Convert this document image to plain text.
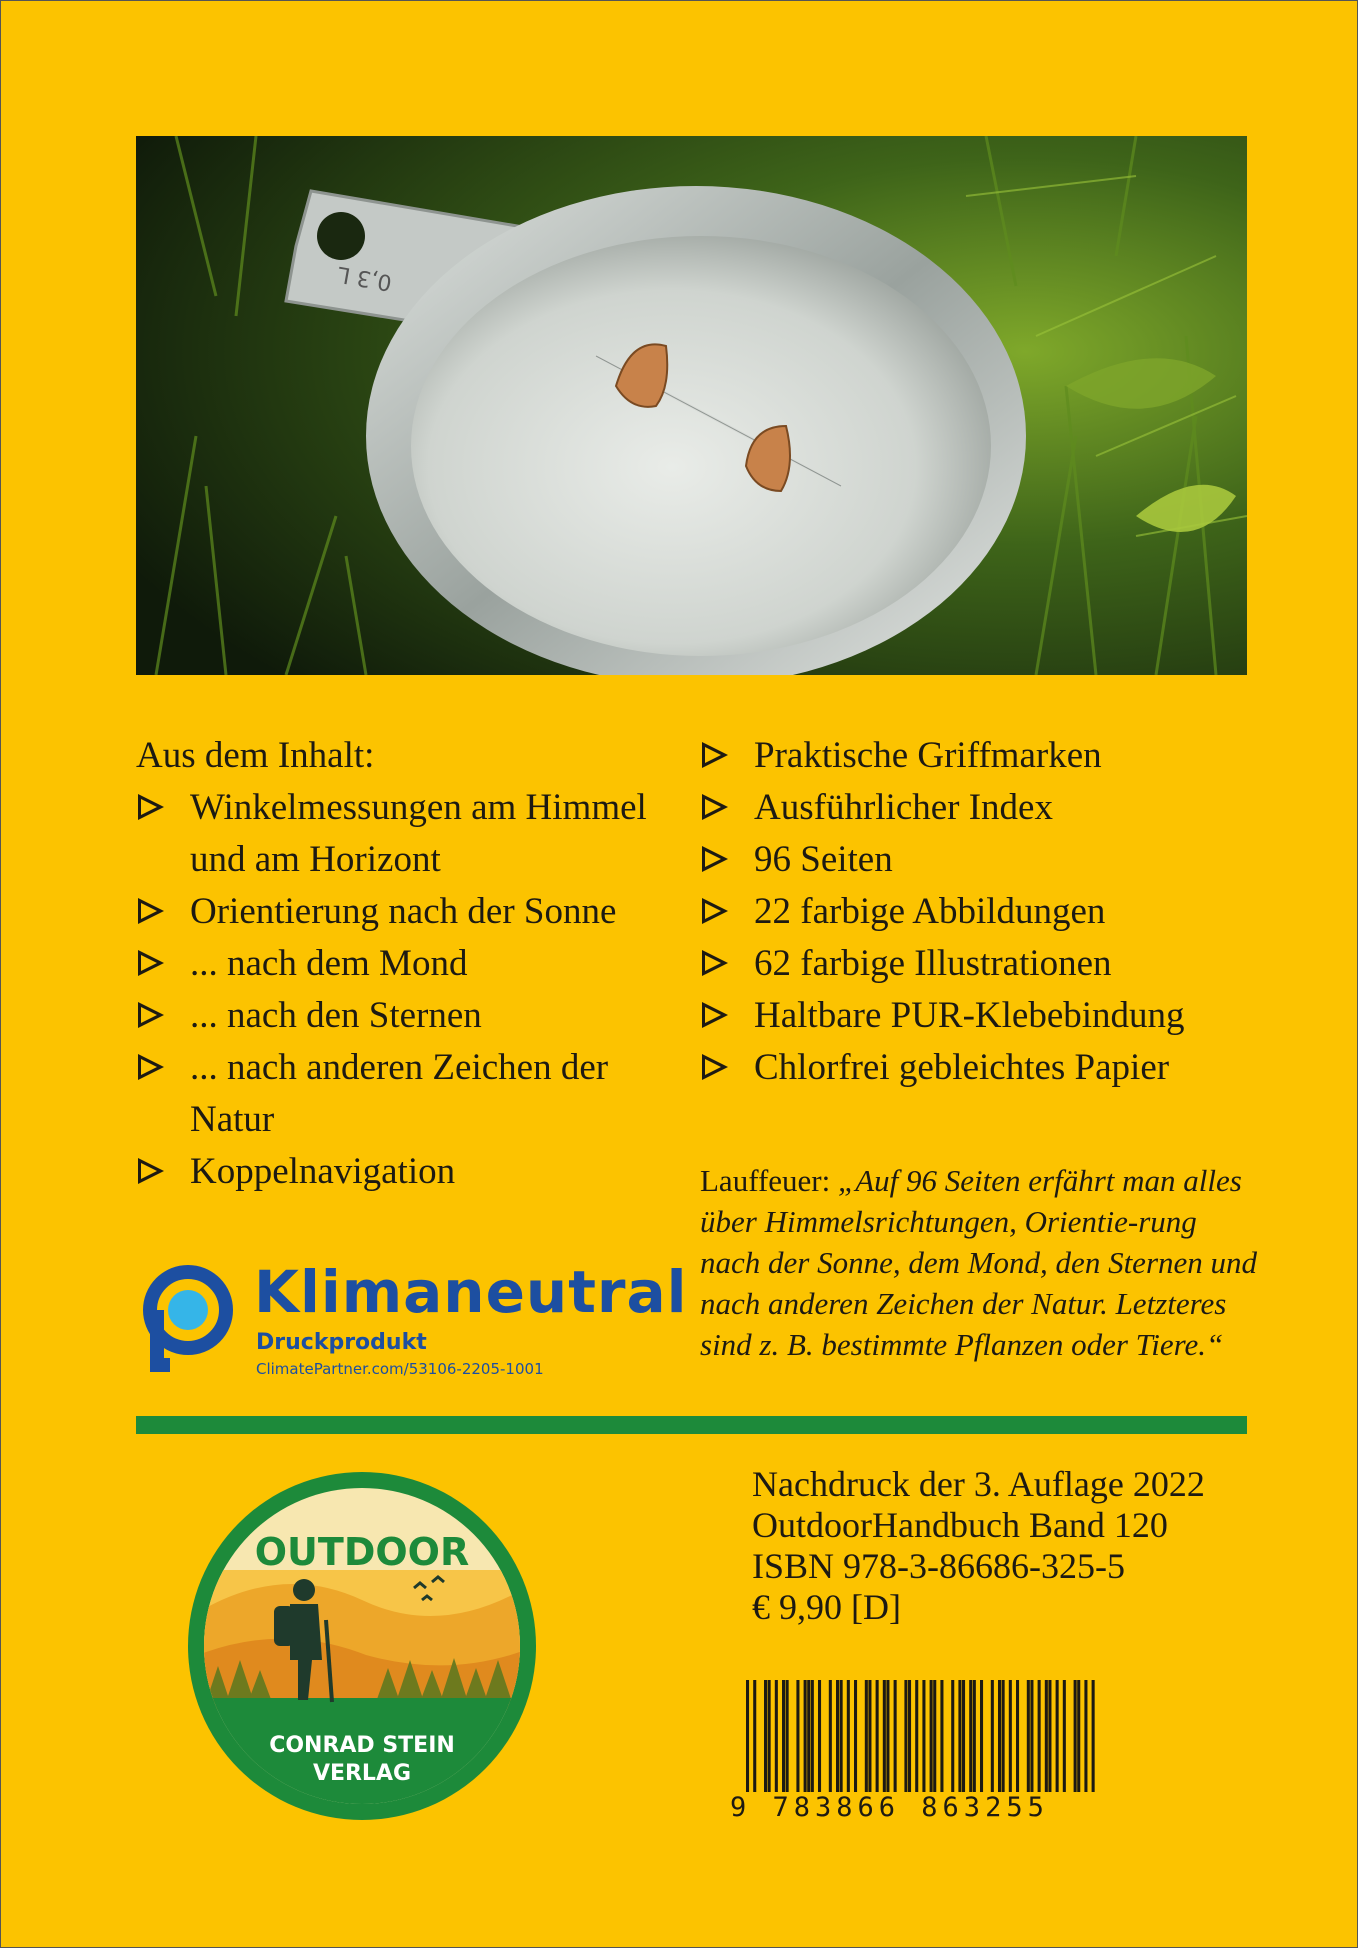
0,3 L

Aus dem Inhalt:

Winkelmessungen am Himmel und am Horizont
Orientierung nach der Sonne
... nach dem Mond
... nach den Sternen
... nach anderen Zeichen der Natur
Koppelnavigation
Praktische Griffmarken
Ausführlicher Index
96 Seiten
22 farbige Abbildungen
62 farbige Illustrationen
Haltbare PUR-Klebebindung
Chlorfrei gebleichtes Papier
Lauffeuer: „Auf 96 Seiten erfährt man alles über Himmelsrichtungen, Orientie-rung nach der Sonne, dem Mond, den Sternen und nach anderen Zeichen der Natur. Letzteres sind z. B. bestimmte Pflanzen oder Tiere.“
Klimaneutral
Druckprodukt
ClimatePartner.com/53106-2205-1001
OUTDOOR
CONRAD STEIN
VERLAG
Nachdruck der 3. Auflage 2022
OutdoorHandbuch Band 120
ISBN 978-3-86686-325-5
€ 9,90 [D]
9 783866 863255
